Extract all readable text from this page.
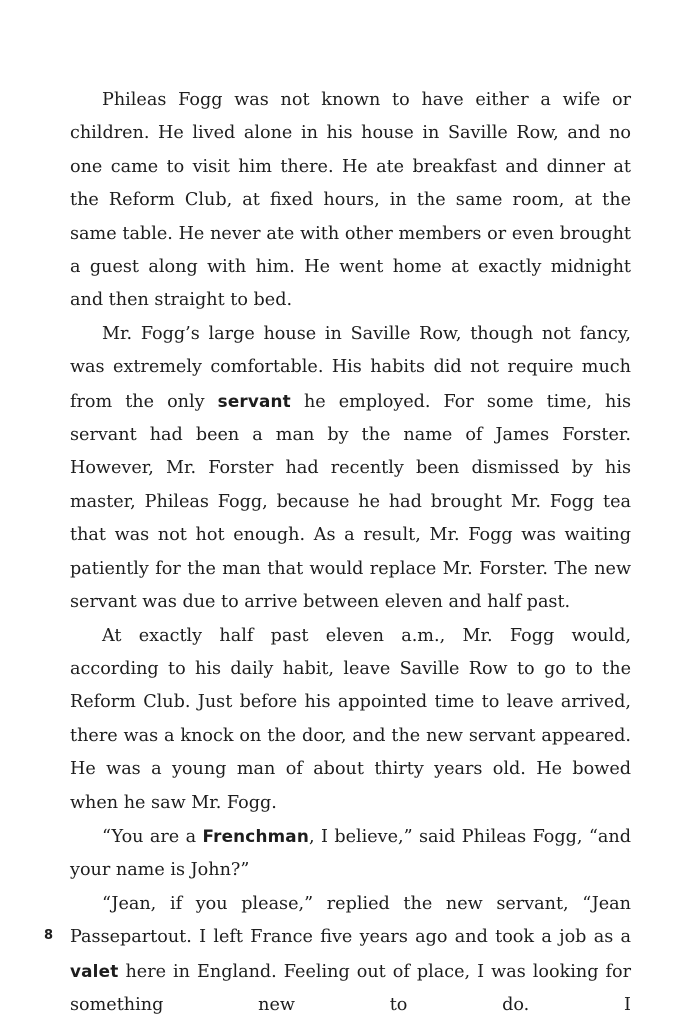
Phileas Fogg was not known to have either a wife or children. He lived alone in his house in Saville Row, and no one came to visit him there. He ate breakfast and dinner at the Reform Club, at fixed hours, in the same room, at the same table. He never ate with other members or even brought a guest along with him. He went home at exactly midnight and then straight to bed.

Mr. Fogg’s large house in Saville Row, though not fancy, was extremely comfortable. His habits did not require much from the only servant he employed. For some time, his servant had been a man by the name of James Forster. However, Mr. Forster had recently been dismissed by his master, Phileas Fogg, because he had brought Mr. Fogg tea that was not hot enough. As a result, Mr. Fogg was waiting patiently for the man that would replace Mr. Forster. The new servant was due to arrive between eleven and half past.

At exactly half past eleven a.m., Mr. Fogg would, according to his daily habit, leave Saville Row to go to the Reform Club. Just before his appointed time to leave arrived, there was a knock on the door, and the new servant appeared. He was a young man of about thirty years old. He bowed when he saw Mr. Fogg.

“You are a Frenchman, I believe,” said Phileas Fogg, “and your name is John?”

“Jean, if you please,” replied the new servant, “Jean Passepartout. I left France five years ago and took a job as a valet here in England. Feeling out of place, I was looking for something new to do. I

8
